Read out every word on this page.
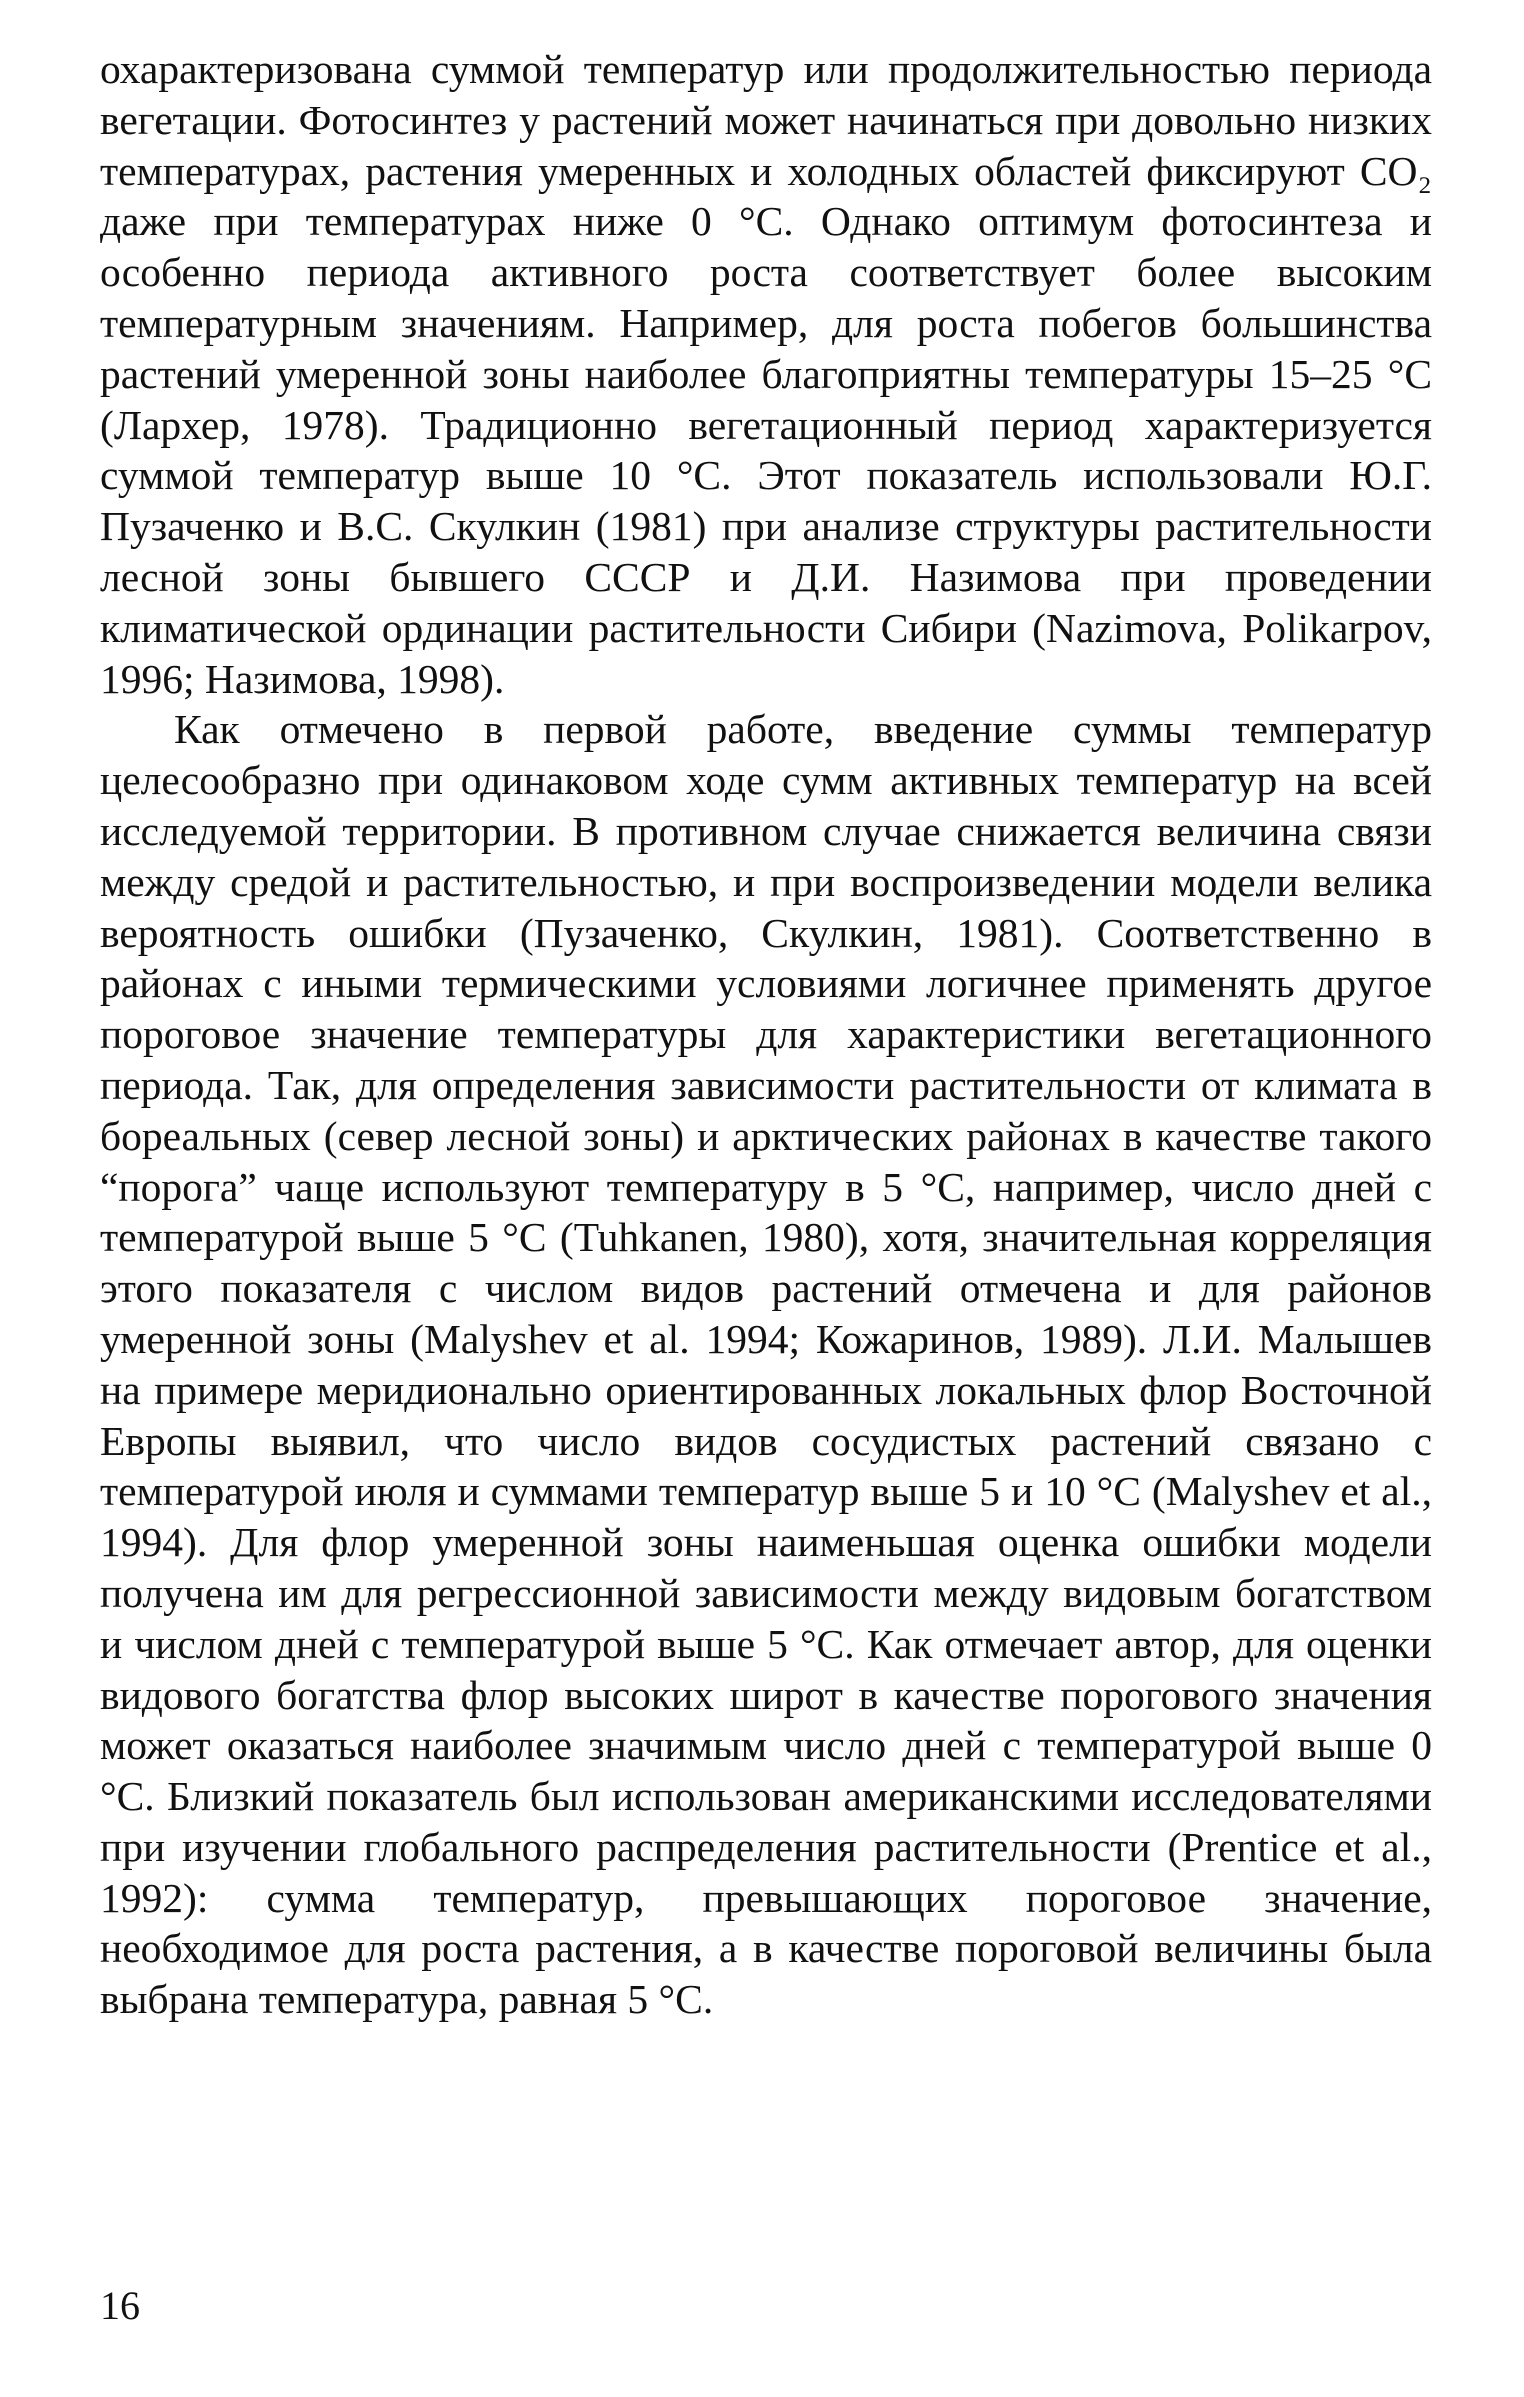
охарактеризована суммой температур или продолжительностью периода вегетации. Фотосинтез у растений может начинаться при довольно низких температурах, растения умеренных и холодных областей фиксируют CO₂ даже при температурах ниже 0 °С. Однако оптимум фотосинтеза и особенно периода активного роста соответствует более высоким температурным значениям. Например, для роста побегов большинства растений умеренной зоны наиболее благоприятны температуры 15–25 °С (Лархер, 1978). Традиционно вегетационный период характеризуется суммой температур выше 10 °С. Этот показатель использовали Ю.Г. Пузаченко и В.С. Скулкин (1981) при анализе структуры растительности лесной зоны бывшего СССР и Д.И. Назимова при проведении климатической ординации растительности Сибири (Nazimova, Polikarpov, 1996; Назимова, 1998).

Как отмечено в первой работе, введение суммы температур целесообразно при одинаковом ходе сумм активных температур на всей исследуемой территории. В противном случае снижается величина связи между средой и растительностью, и при воспроизведении модели велика вероятность ошибки (Пузаченко, Скулкин, 1981). Соответственно в районах с иными термическими условиями логичнее применять другое пороговое значение температуры для характеристики вегетационного периода. Так, для определения зависимости растительности от климата в бореальных (север лесной зоны) и арктических районах в качестве такого “порога” чаще используют температуру в 5 °С, например, число дней с температурой выше 5 °С (Tuhkanen, 1980), хотя, значительная корреляция этого показателя с числом видов растений отмечена и для районов умеренной зоны (Malyshev et al. 1994; Кожаринов, 1989). Л.И. Малышев на примере меридионально ориентированных локальных флор Восточной Европы выявил, что число видов сосудистых растений связано с температурой июля и суммами температур выше 5 и 10 °С (Malyshev et al., 1994). Для флор умеренной зоны наименьшая оценка ошибки модели получена им для регрессионной зависимости между видовым богатством и числом дней с температурой выше 5 °С. Как отмечает автор, для оценки видового богатства флор высоких широт в качестве порогового значения может оказаться наиболее значимым число дней с температурой выше 0 °С. Близкий показатель был использован американскими исследователями при изучении глобального распределения растительности (Prentice et al., 1992): сумма температур, превышающих пороговое значение, необходимое для роста растения, а в качестве пороговой величины была выбрана температура, равная 5 °С.

16
